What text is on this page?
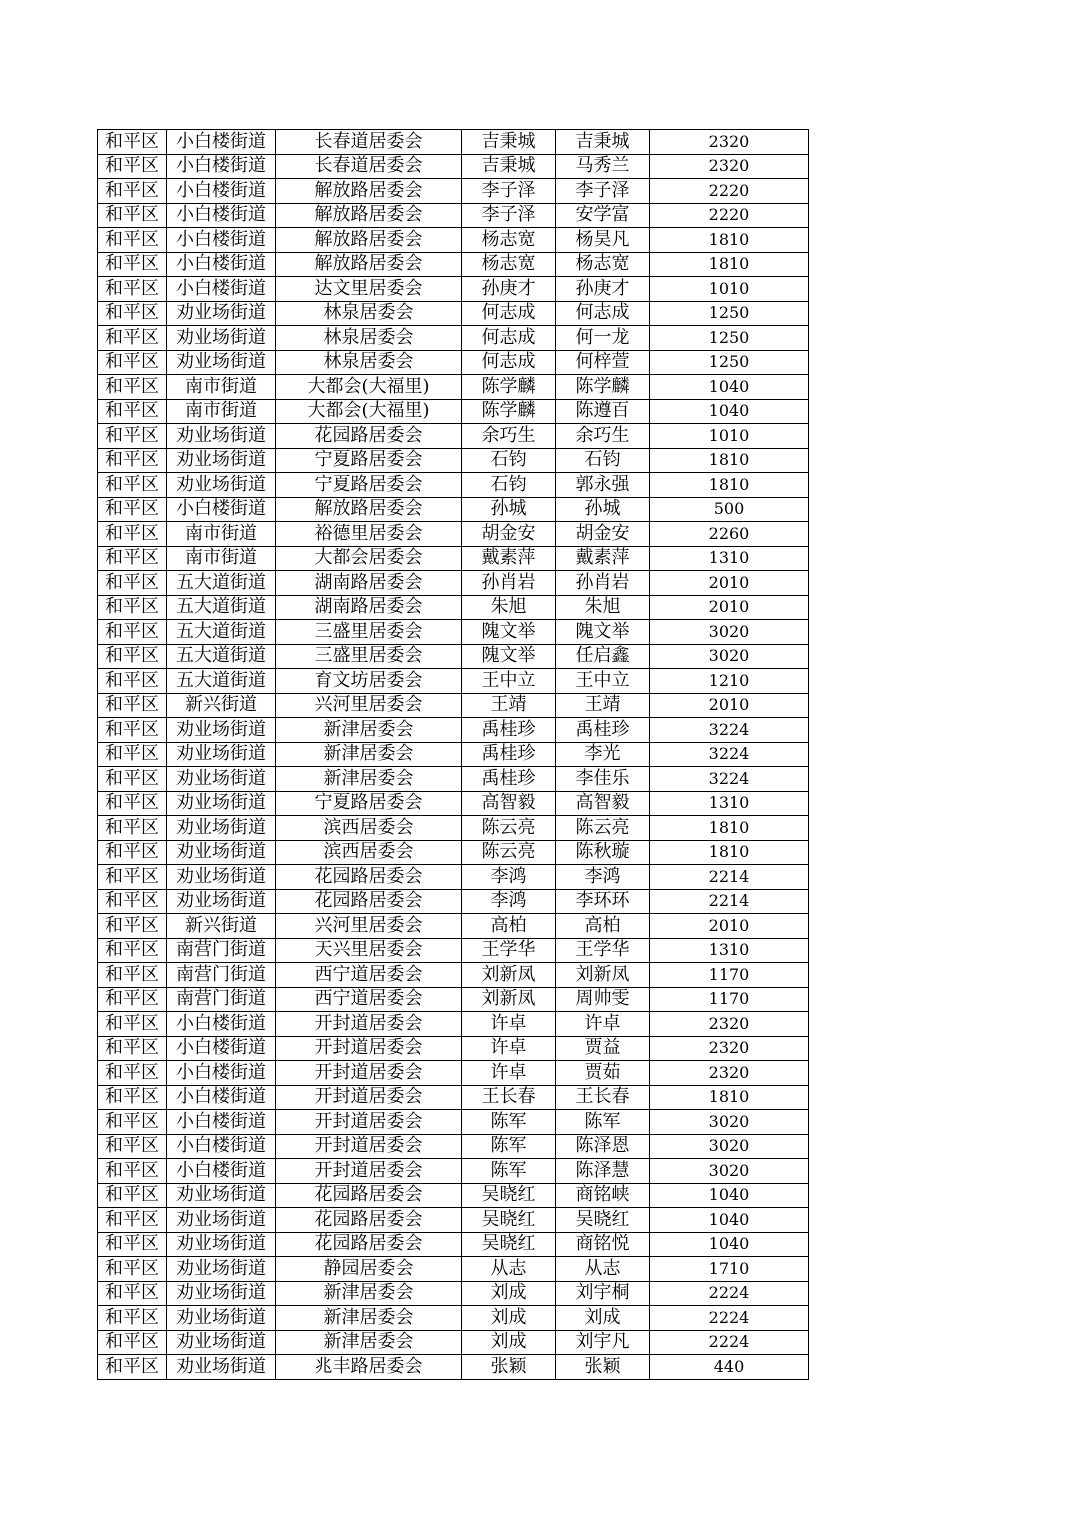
和平区	小白楼街道	长春道居委会	吉秉城	吉秉城	2320
和平区	小白楼街道	长春道居委会	吉秉城	马秀兰	2320
和平区	小白楼街道	解放路居委会	李子泽	李子泽	2220
和平区	小白楼街道	解放路居委会	李子泽	安学富	2220
和平区	小白楼街道	解放路居委会	杨志宽	杨昊凡	1810
和平区	小白楼街道	解放路居委会	杨志宽	杨志宽	1810
和平区	小白楼街道	达文里居委会	孙庚才	孙庚才	1010
和平区	劝业场街道	林泉居委会	何志成	何志成	1250
和平区	劝业场街道	林泉居委会	何志成	何一龙	1250
和平区	劝业场街道	林泉居委会	何志成	何梓萱	1250
和平区	南市街道	大都会(大福里)	陈学麟	陈学麟	1040
和平区	南市街道	大都会(大福里)	陈学麟	陈遵百	1040
和平区	劝业场街道	花园路居委会	余巧生	余巧生	1010
和平区	劝业场街道	宁夏路居委会	石钧	石钧	1810
和平区	劝业场街道	宁夏路居委会	石钧	郭永强	1810
和平区	小白楼街道	解放路居委会	孙城	孙城	500
和平区	南市街道	裕德里居委会	胡金安	胡金安	2260
和平区	南市街道	大都会居委会	戴素萍	戴素萍	1310
和平区	五大道街道	湖南路居委会	孙肖岩	孙肖岩	2010
和平区	五大道街道	湖南路居委会	朱旭	朱旭	2010
和平区	五大道街道	三盛里居委会	隗文举	隗文举	3020
和平区	五大道街道	三盛里居委会	隗文举	任启鑫	3020
和平区	五大道街道	育文坊居委会	王中立	王中立	1210
和平区	新兴街道	兴河里居委会	王靖	王靖	2010
和平区	劝业场街道	新津居委会	禹桂珍	禹桂珍	3224
和平区	劝业场街道	新津居委会	禹桂珍	李光	3224
和平区	劝业场街道	新津居委会	禹桂珍	李佳乐	3224
和平区	劝业场街道	宁夏路居委会	高智毅	高智毅	1310
和平区	劝业场街道	滨西居委会	陈云亮	陈云亮	1810
和平区	劝业场街道	滨西居委会	陈云亮	陈秋璇	1810
和平区	劝业场街道	花园路居委会	李鸿	李鸿	2214
和平区	劝业场街道	花园路居委会	李鸿	李环环	2214
和平区	新兴街道	兴河里居委会	高柏	高柏	2010
和平区	南营门街道	天兴里居委会	王学华	王学华	1310
和平区	南营门街道	西宁道居委会	刘新凤	刘新凤	1170
和平区	南营门街道	西宁道居委会	刘新凤	周帅雯	1170
和平区	小白楼街道	开封道居委会	许卓	许卓	2320
和平区	小白楼街道	开封道居委会	许卓	贾益	2320
和平区	小白楼街道	开封道居委会	许卓	贾茹	2320
和平区	小白楼街道	开封道居委会	王长春	王长春	1810
和平区	小白楼街道	开封道居委会	陈军	陈军	3020
和平区	小白楼街道	开封道居委会	陈军	陈泽恩	3020
和平区	小白楼街道	开封道居委会	陈军	陈泽慧	3020
和平区	劝业场街道	花园路居委会	吴晓红	商铭峡	1040
和平区	劝业场街道	花园路居委会	吴晓红	吴晓红	1040
和平区	劝业场街道	花园路居委会	吴晓红	商铭悦	1040
和平区	劝业场街道	静园居委会	从志	从志	1710
和平区	劝业场街道	新津居委会	刘成	刘宇桐	2224
和平区	劝业场街道	新津居委会	刘成	刘成	2224
和平区	劝业场街道	新津居委会	刘成	刘宇凡	2224
和平区	劝业场街道	兆丰路居委会	张颖	张颖	440
